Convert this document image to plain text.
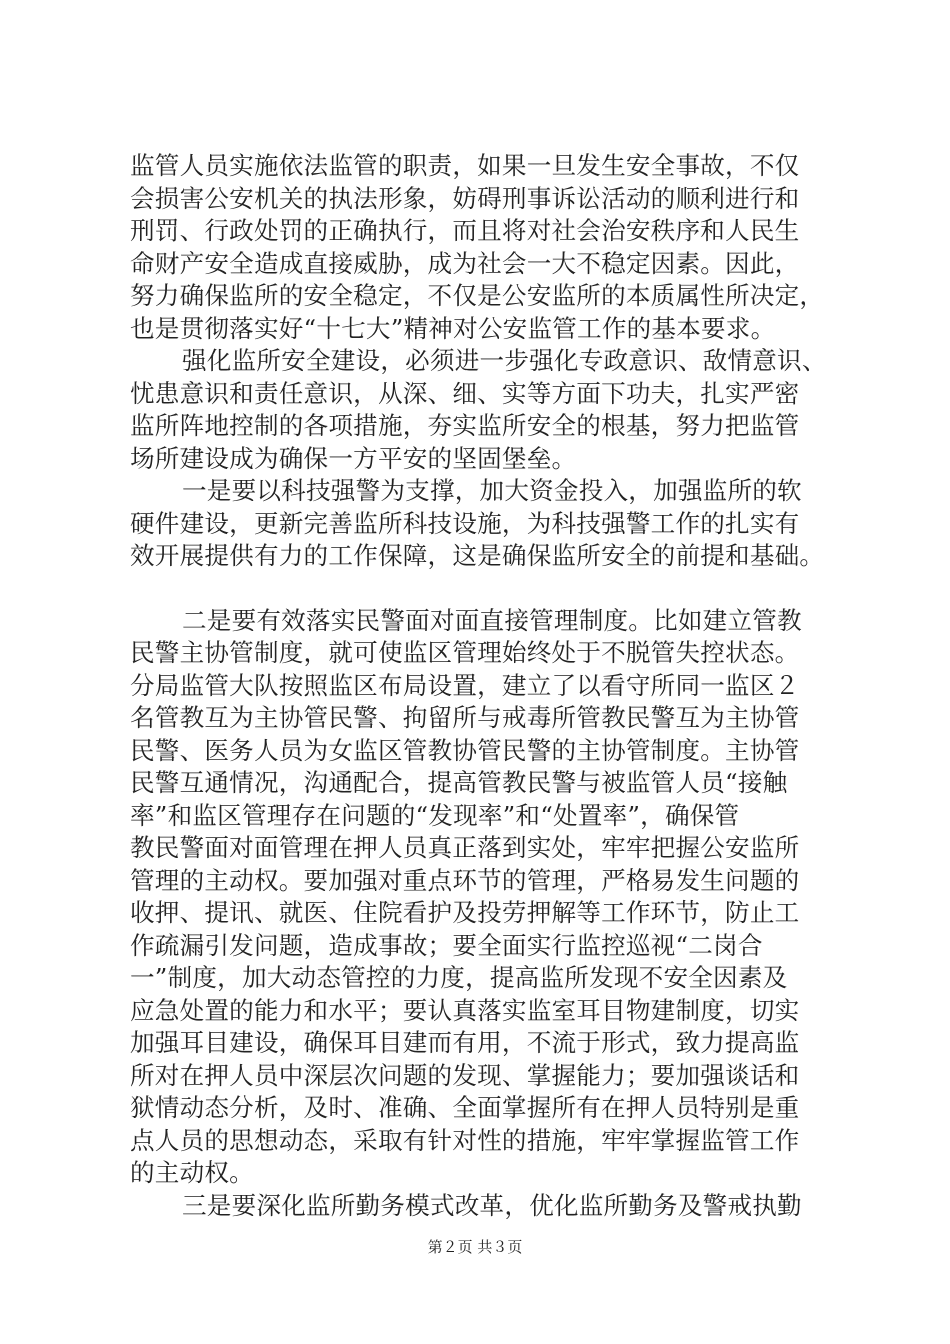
监管人员实施依法监管的职责，如果一旦发生安全事故，不仅
会损害公安机关的执法形象，妨碍刑事诉讼活动的顺利进行和
刑罚、行政处罚的正确执行，而且将对社会治安秩序和人民生
命财产安全造成直接威胁，成为社会一大不稳定因素。因此，
努力确保监所的安全稳定，不仅是公安监所的本质属性所决定，
也是贯彻落实好“十七大”精神对公安监管工作的基本要求。
强化监所安全建设，必须进一步强化专政意识、敌情意识、
忧患意识和责任意识，从深、细、实等方面下功夫，扎实严密
监所阵地控制的各项措施，夯实监所安全的根基，努力把监管
场所建设成为确保一方平安的坚固堡垒。
一是要以科技强警为支撑，加大资金投入，加强监所的软
硬件建设，更新完善监所科技设施，为科技强警工作的扎实有
效开展提供有力的工作保障，这是确保监所安全的前提和基础。
二是要有效落实民警面对面直接管理制度。比如建立管教
民警主协管制度，就可使监区管理始终处于不脱管失控状态。
分局监管大队按照监区布局设置，建立了以看守所同一监区２
名管教互为主协管民警、拘留所与戒毒所管教民警互为主协管
民警、医务人员为女监区管教协管民警的主协管制度。主协管
民警互通情况，沟通配合，提高管教民警与被监管人员“接触
率”和监区管理存在问题的“发现率”和“处置率”，确保管
教民警面对面管理在押人员真正落到实处，牢牢把握公安监所
管理的主动权。要加强对重点环节的管理，严格易发生问题的
收押、提讯、就医、住院看护及投劳押解等工作环节，防止工
作疏漏引发问题，造成事故；要全面实行监控巡视“二岗合
一”制度，加大动态管控的力度，提高监所发现不安全因素及
应急处置的能力和水平；要认真落实监室耳目物建制度，切实
加强耳目建设，确保耳目建而有用，不流于形式，致力提高监
所对在押人员中深层次问题的发现、掌握能力；要加强谈话和
狱情动态分析，及时、准确、全面掌握所有在押人员特别是重
点人员的思想动态，采取有针对性的措施，牢牢掌握监管工作
的主动权。
三是要深化监所勤务模式改革，优化监所勤务及警戒执勤
第２页 共３页
